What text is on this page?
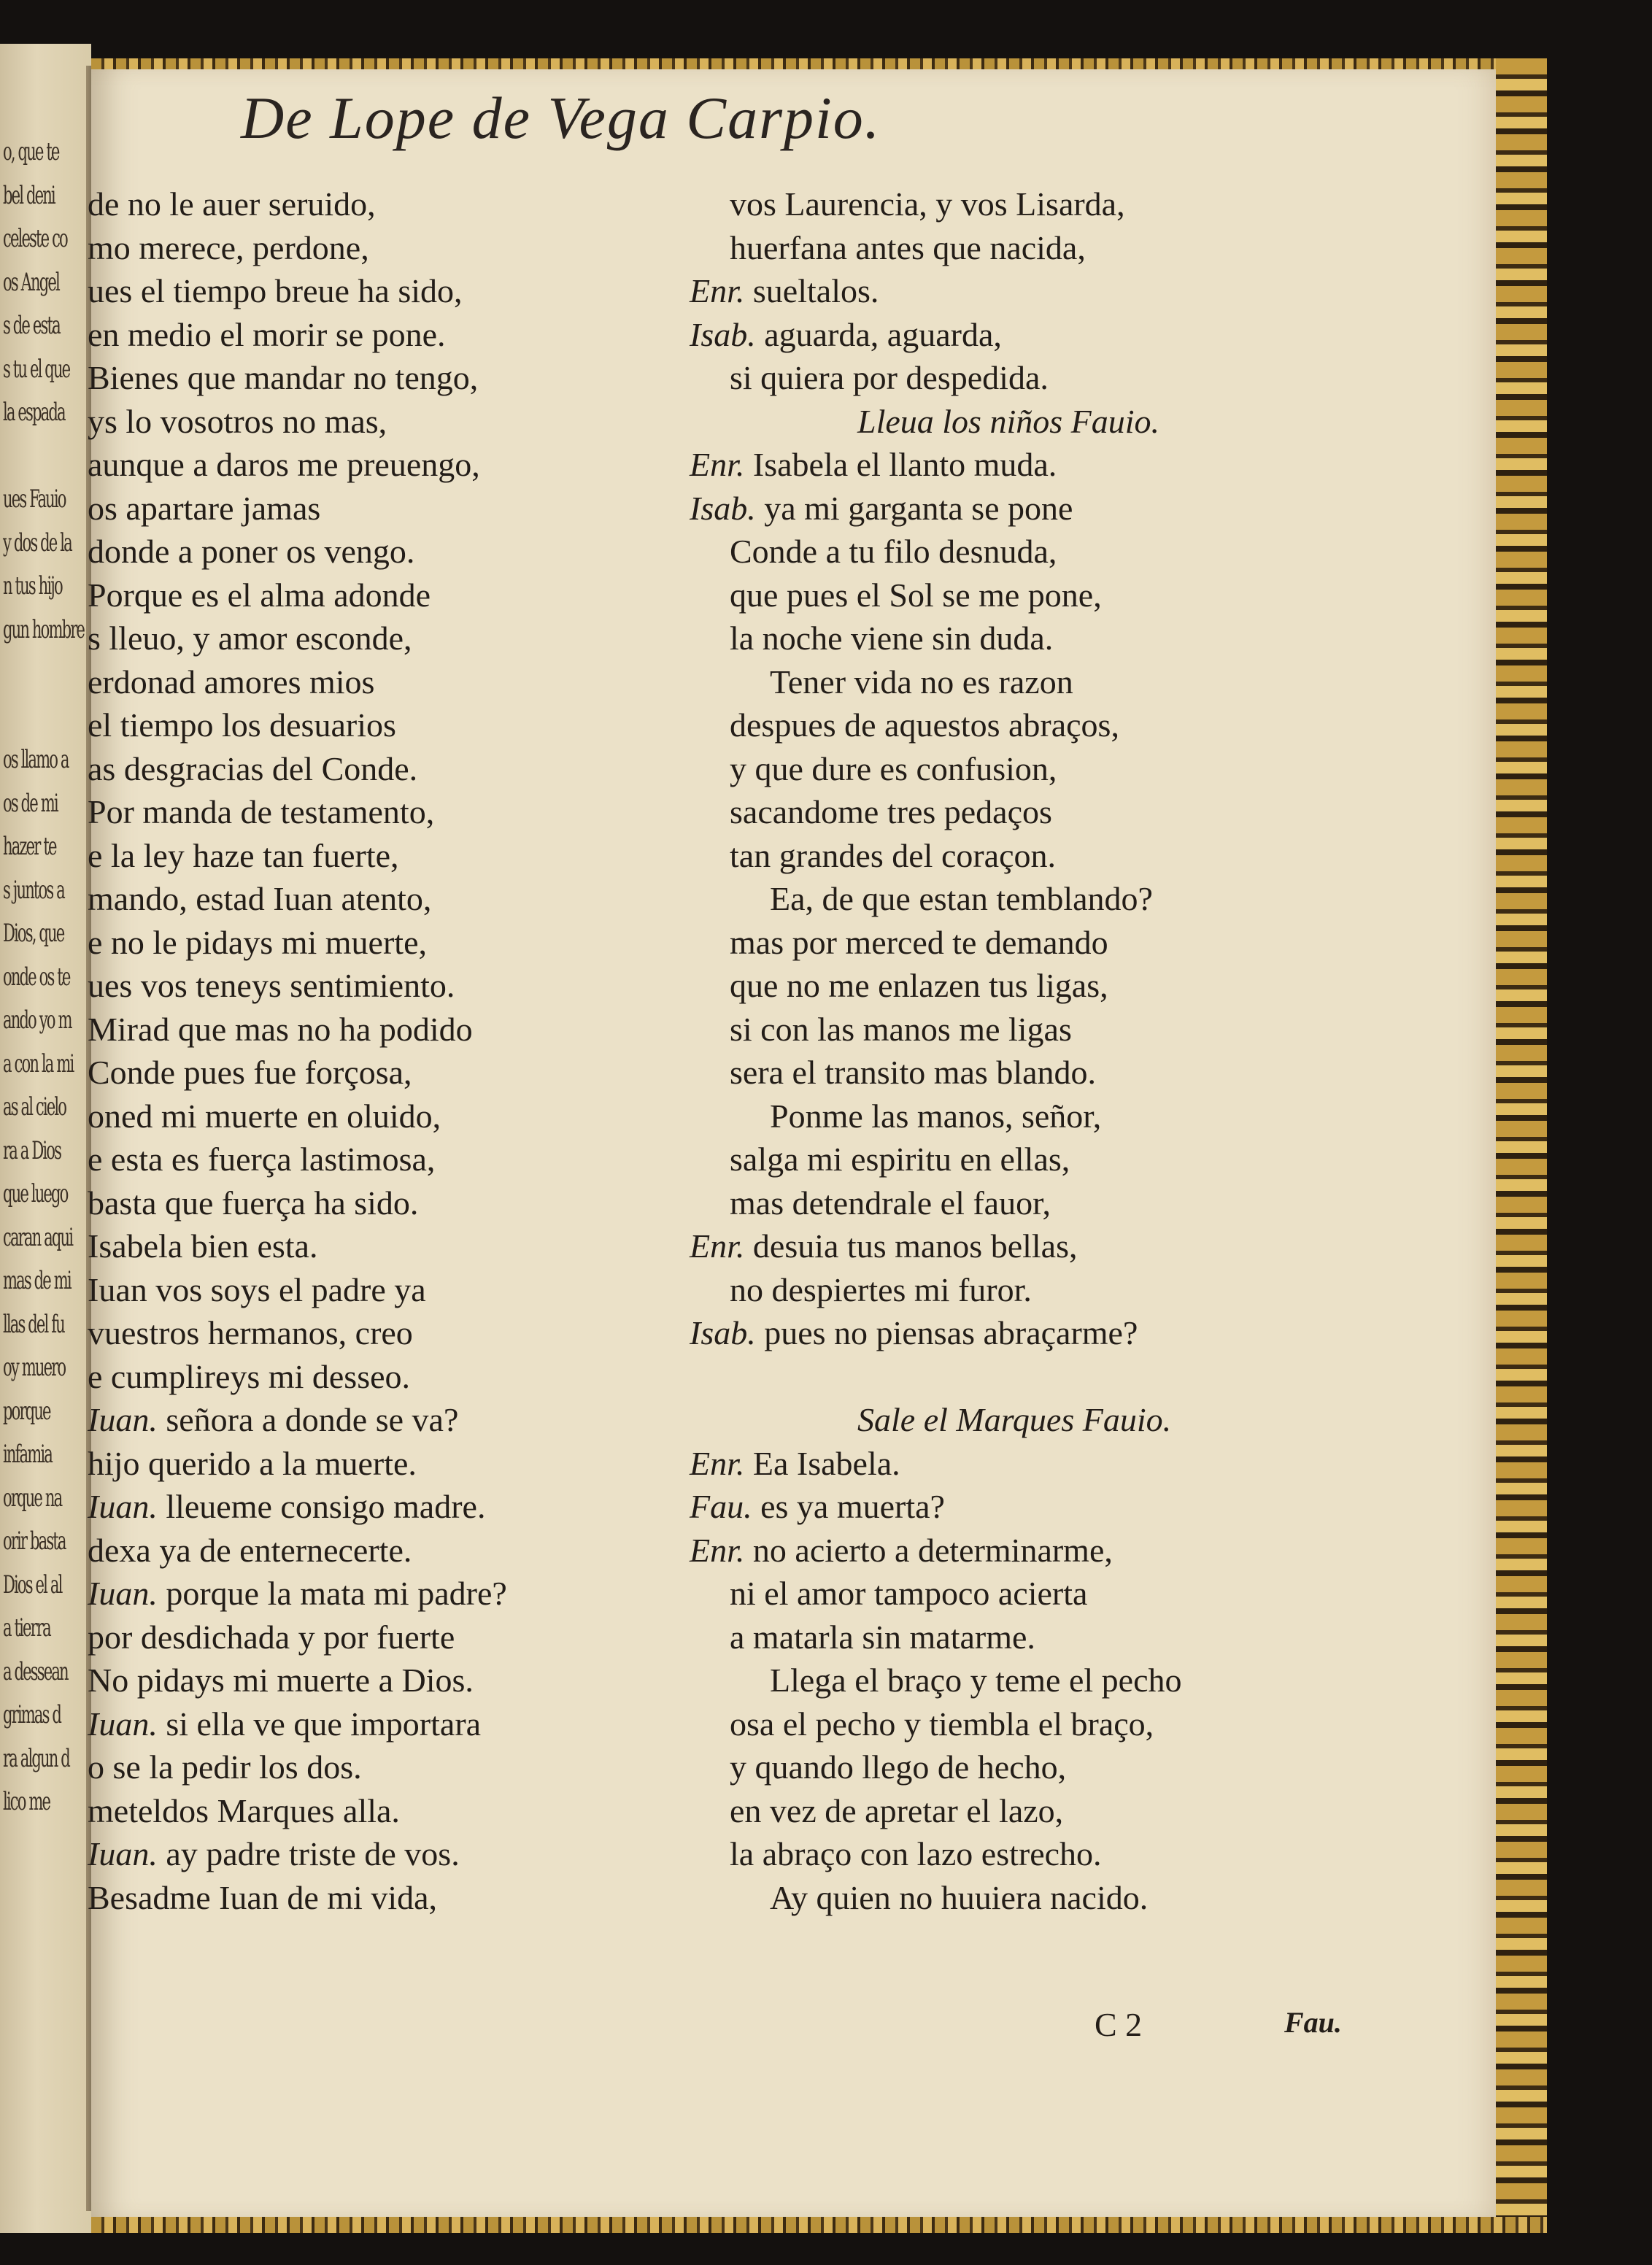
o, que te
bel deni
celeste co
os Angel
s de esta
s tu el que
la espada
ues Fauio
y dos de la
n tus hijo
gun hombre
os llamo a
os de mi
hazer te
s juntos a
Dios, que
onde os te
ando yo m
a con la mi
as al cielo
ra a Dios
que luego
caran aqui
mas de mi
llas del fu
oy muero
porque
infamia
orque na
orir basta
Dios el al
a tierra
a dessean
grimas d
ra algun d
lico me
De Lope de Vega Carpio.
de no le auer seruido,
mo merece, perdone,
ues el tiempo breue ha sido,
en medio el morir se pone.
Bienes que mandar no tengo,
ys lo vosotros no mas,
aunque a daros me preuengo,
os apartare jamas
donde a poner os vengo.
Porque es el alma adonde
s lleuo, y amor esconde,
erdonad amores mios
el tiempo los desuarios
as desgracias del Conde.
Por manda de testamento,
e la ley haze tan fuerte,
mando, estad Iuan atento,
e no le pidays mi muerte,
ues vos teneys sentimiento.
Mirad que mas no ha podido
Conde pues fue forçosa,
oned mi muerte en oluido,
e esta es fuerça lastimosa,
basta que fuerça ha sido.
Isabela bien esta.
Iuan vos soys el padre ya
vuestros hermanos, creo
e cumplireys mi desseo.
Iuan. señora a donde se va?
hijo querido a la muerte.
Iuan. lleueme consigo madre.
dexa ya de enternecerte.
Iuan. porque la mata mi padre?
por desdichada y por fuerte
No pidays mi muerte a Dios.
Iuan. si ella ve que importara
o se la pedir los dos.
meteldos Marques alla.
Iuan. ay padre triste de vos.
Besadme Iuan de mi vida,
vos Laurencia, y vos Lisarda,
huerfana antes que nacida,
Enr. sueltalos.
Isab. aguarda, aguarda,
si quiera por despedida.
Lleua los niños Fauio.
Enr. Isabela el llanto muda.
Isab. ya mi garganta se pone
Conde a tu filo desnuda,
que pues el Sol se me pone,
la noche viene sin duda.
Tener vida no es razon
despues de aquestos abraços,
y que dure es confusion,
sacandome tres pedaços
tan grandes del coraçon.
Ea, de que estan temblando?
mas por merced te demando
que no me enlazen tus ligas,
si con las manos me ligas
sera el transito mas blando.
Ponme las manos, señor,
salga mi espiritu en ellas,
mas detendrale el fauor,
Enr. desuia tus manos bellas,
no despiertes mi furor.
Isab. pues no piensas abraçarme?
Sale el Marques Fauio.
Enr. Ea Isabela.
Fau. es ya muerta?
Enr. no acierto a determinarme,
ni el amor tampoco acierta
a matarla sin matarme.
Llega el braço y teme el pecho
osa el pecho y tiembla el braço,
y quando llego de hecho,
en vez de apretar el lazo,
la abraço con lazo estrecho.
Ay quien no huuiera nacido.
C 2	Fau.
